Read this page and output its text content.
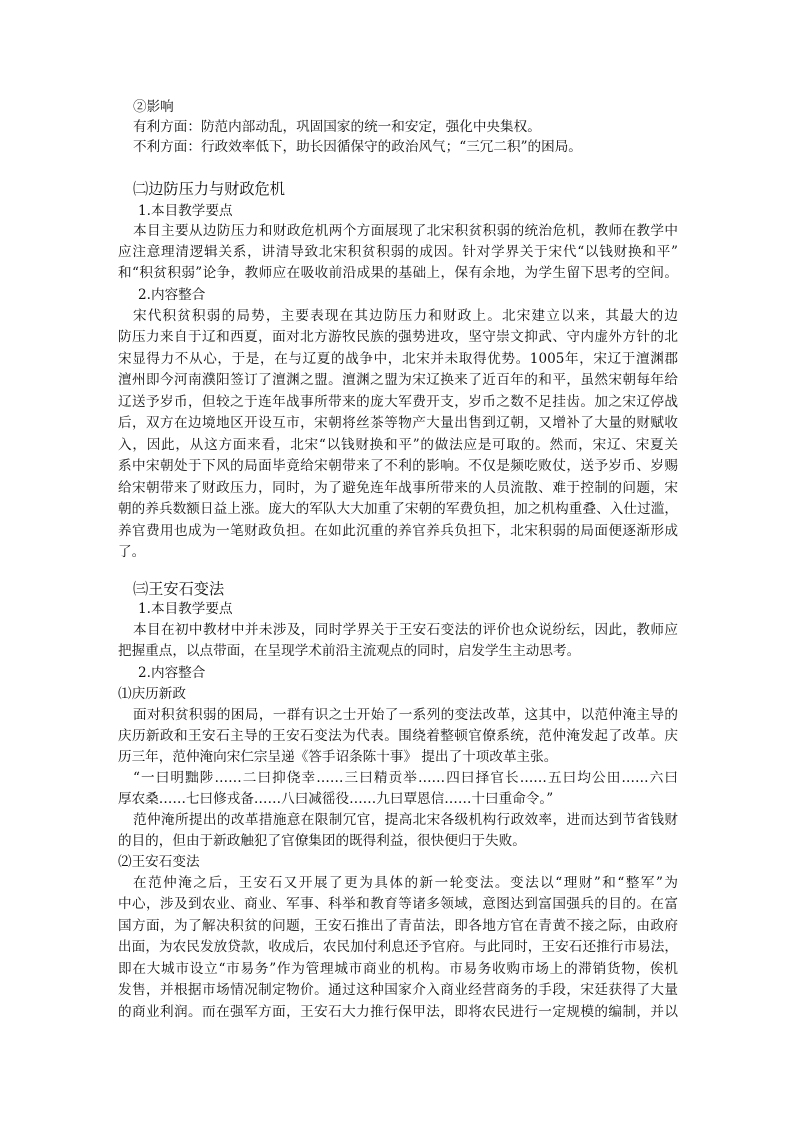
②影响
有利方面：防范内部动乱，巩固国家的统一和安定，强化中央集权。
不利方面：行政效率低下，助长因循保守的政治风气；“三冗二积”的困局。
㈡边防压力与财政危机
1.本目教学要点
本目主要从边防压力和财政危机两个方面展现了北宋积贫积弱的统治危机，教师在教学中
应注意理清逻辑关系，讲清导致北宋积贫积弱的成因。针对学界关于宋代“以钱财换和平”
和“积贫积弱”论争，教师应在吸收前沿成果的基础上，保有余地，为学生留下思考的空间。
2.内容整合
宋代积贫积弱的局势，主要表现在其边防压力和财政上。北宋建立以来，其最大的边
防压力来自于辽和西夏，面对北方游牧民族的强势进攻，坚守崇文抑武、守内虚外方针的北
宋显得力不从心，于是，在与辽夏的战争中，北宋并未取得优势。1005年，宋辽于澶渊郡
澶州即今河南濮阳签订了澶渊之盟。澶渊之盟为宋辽换来了近百年的和平，虽然宋朝每年给
辽送予岁币，但较之于连年战事所带来的庞大军费开支，岁币之数不足挂齿。加之宋辽停战
后，双方在边境地区开设互市，宋朝将丝茶等物产大量出售到辽朝，又增补了大量的财赋收
入，因此，从这方面来看，北宋“以钱财换和平”的做法应是可取的。然而，宋辽、宋夏关
系中宋朝处于下风的局面毕竟给宋朝带来了不利的影响。不仅是频吃败仗，送予岁币、岁赐
给宋朝带来了财政压力，同时，为了避免连年战事所带来的人员流散、难于控制的问题，宋
朝的养兵数额日益上涨。庞大的军队大大加重了宋朝的军费负担，加之机构重叠、入仕过滥，
养官费用也成为一笔财政负担。在如此沉重的养官养兵负担下，北宋积弱的局面便逐渐形成
了。
㈢王安石变法
1.本目教学要点
本目在初中教材中并未涉及，同时学界关于王安石变法的评价也众说纷纭，因此，教师应
把握重点，以点带面，在呈现学术前沿主流观点的同时，启发学生主动思考。
2.内容整合
⑴庆历新政
面对积贫积弱的困局，一群有识之士开始了一系列的变法改革，这其中，以范仲淹主导的
庆历新政和王安石主导的王安石变法为代表。围绕着整顿官僚系统，范仲淹发起了改革。庆
历三年，范仲淹向宋仁宗呈递《答手诏条陈十事》 提出了十项改革主张。
“一曰明黜陟……二曰抑侥幸……三曰精贡举……四曰择官长……五曰均公田……六曰
厚农桑……七曰修戎备……八曰减徭役……九曰覃恩信……十曰重命令。”
范仲淹所提出的改革措施意在限制冗官，提高北宋各级机构行政效率，进而达到节省钱财
的目的，但由于新政触犯了官僚集团的既得利益，很快便归于失败。
⑵王安石变法
在范仲淹之后，王安石又开展了更为具体的新一轮变法。变法以“理财”和“整军”为
中心，涉及到农业、商业、军事、科举和教育等诸多领域，意图达到富国强兵的目的。在富
国方面，为了解决积贫的问题，王安石推出了青苗法，即各地方官在青黄不接之际，由政府
出面，为农民发放贷款，收成后，农民加付利息还予官府。与此同时，王安石还推行市易法，
即在大城市设立“市易务”作为管理城市商业的机构。市易务收购市场上的滞销货物，俟机
发售，并根据市场情况制定物价。通过这种国家介入商业经营商务的手段，宋廷获得了大量
的商业利润。而在强军方面，王安石大力推行保甲法，即将农民进行一定规模的编制，并以
